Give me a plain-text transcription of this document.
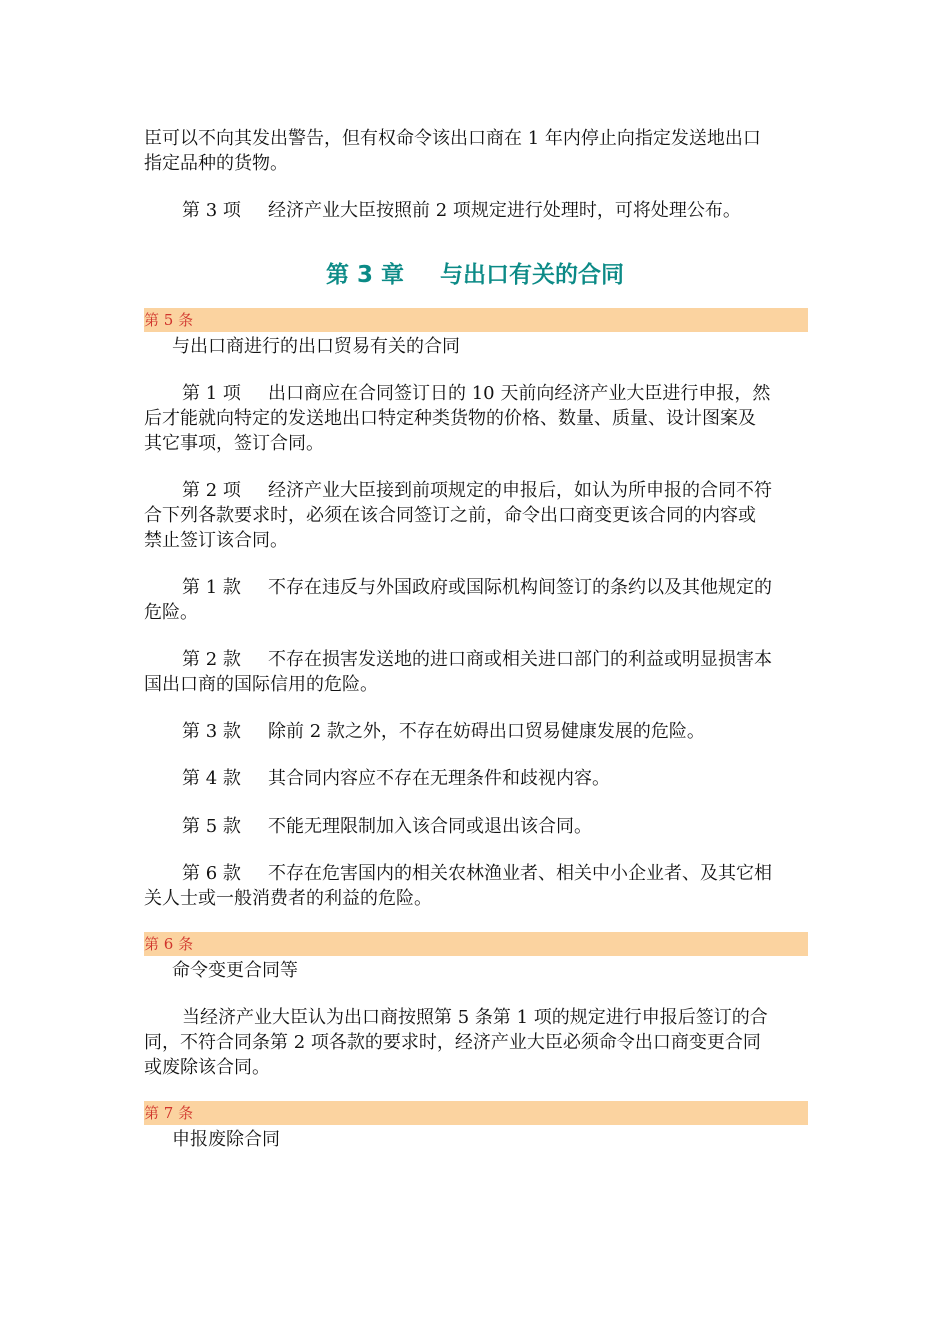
臣可以不向其发出警告，但有权命令该出口商在 1 年内停止向指定发送地出口
指定品种的货物。
第 3 项 经济产业大臣按照前 2 项规定进行处理时，可将处理公布。
第 3 章 与出口有关的合同
第 5 条
与出口商进行的出口贸易有关的合同
第 1 项 出口商应在合同签订日的 10 天前向经济产业大臣进行申报，然
后才能就向特定的发送地出口特定种类货物的价格、数量、质量、设计图案及
其它事项，签订合同。
第 2 项 经济产业大臣接到前项规定的申报后，如认为所申报的合同不符
合下列各款要求时，必须在该合同签订之前，命令出口商变更该合同的内容或
禁止签订该合同。
第 1 款 不存在违反与外国政府或国际机构间签订的条约以及其他规定的
危险。
第 2 款 不存在损害发送地的进口商或相关进口部门的利益或明显损害本
国出口商的国际信用的危险。
第 3 款 除前 2 款之外，不存在妨碍出口贸易健康发展的危险。
第 4 款 其合同内容应不存在无理条件和歧视内容。
第 5 款 不能无理限制加入该合同或退出该合同。
第 6 款 不存在危害国内的相关农林渔业者、相关中小企业者、及其它相
关人士或一般消费者的利益的危险。
第 6 条
命令变更合同等
当经济产业大臣认为出口商按照第 5 条第 1 项的规定进行申报后签订的合
同，不符合同条第 2 项各款的要求时，经济产业大臣必须命令出口商变更合同
或废除该合同。
第 7 条
申报废除合同
